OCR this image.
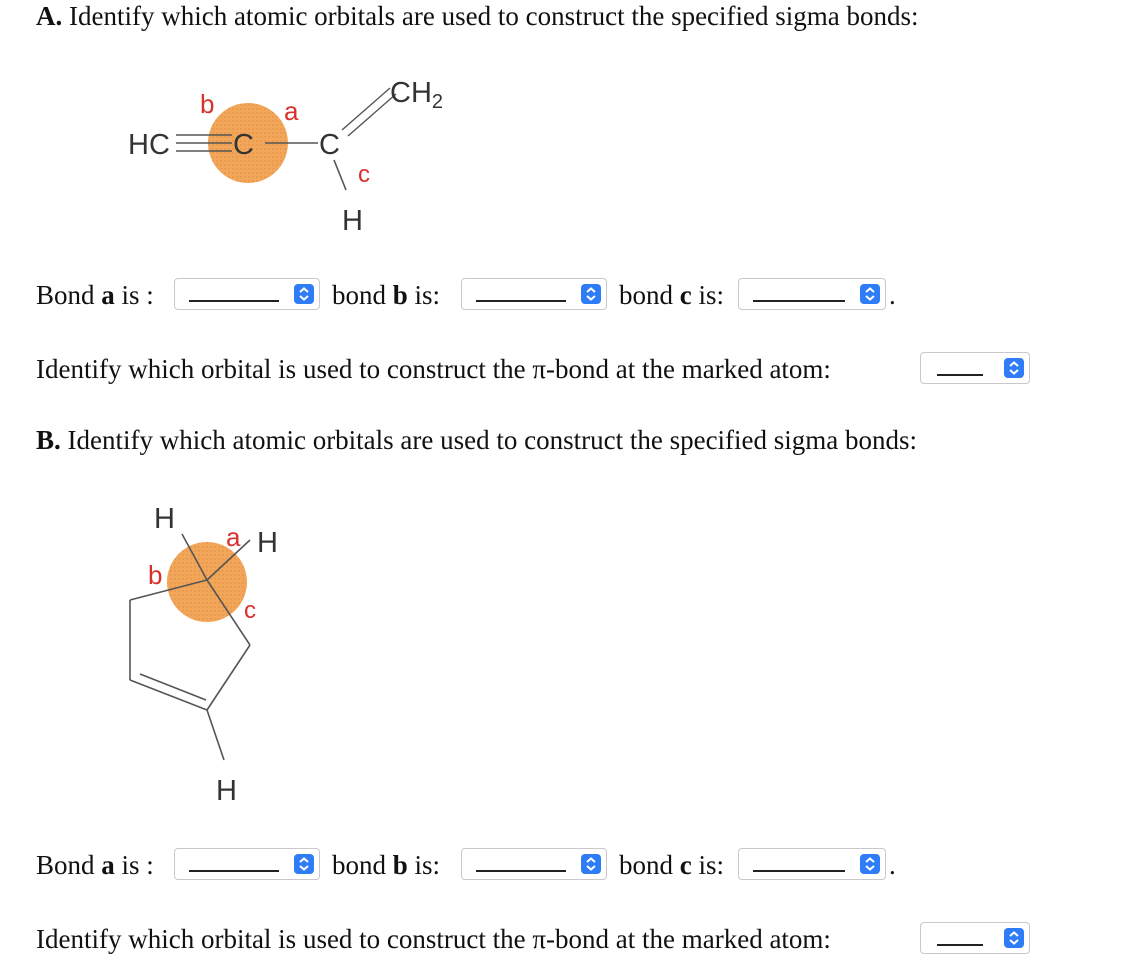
A. Identify which atomic orbitals are used to construct the specified sigma bonds:
HC C C
$CH_2$
H
b	a
c
Bond a is :	bond b is:	bond c is:	.
Identify which orbital is used to construct the π-bond at the marked atom:
B. Identify which atomic orbitals are used to construct the specified sigma bonds:
H
H
H
a
b
c
Bond a is :	bond b is:	bond c is:	.
Identify which orbital is used to construct the π-bond at the marked atom:
